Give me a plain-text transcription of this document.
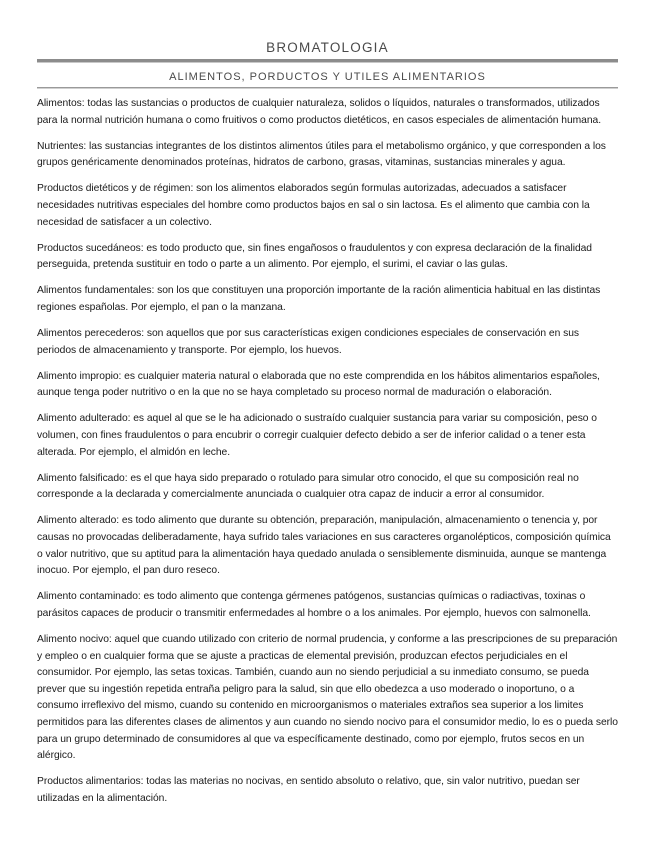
BROMATOLOGIA
ALIMENTOS, PORDUCTOS Y UTILES ALIMENTARIOS

Alimentos: todas las sustancias o productos de cualquier naturaleza, solidos o líquidos, naturales o transformados, utilizados para la normal nutrición humana o como fruitivos o como productos dietéticos, en casos especiales de alimentación humana.

Nutrientes: las sustancias integrantes de los distintos alimentos útiles para el metabolismo orgánico, y que corresponden a los grupos genéricamente denominados proteínas, hidratos de carbono, grasas, vitaminas, sustancias minerales y agua.

Productos dietéticos y de régimen: son los alimentos elaborados según formulas autorizadas, adecuados a satisfacer necesidades nutritivas especiales del hombre como productos bajos en sal o sin lactosa. Es el alimento que cambia con la necesidad de satisfacer a un colectivo.

Productos sucedáneos: es todo producto que, sin fines engañosos o fraudulentos y con expresa declaración de la finalidad perseguida, pretenda sustituir en todo o parte a un alimento. Por ejemplo, el surimi, el caviar o las gulas.

Alimentos fundamentales: son los que constituyen una proporción importante de la ración alimenticia habitual en las distintas regiones españolas. Por ejemplo, el pan o la manzana.

Alimentos perecederos: son aquellos que por sus características exigen condiciones especiales de conservación en sus periodos de almacenamiento y transporte. Por ejemplo, los huevos.

Alimento impropio: es cualquier materia natural o elaborada que no este comprendida en los hábitos alimentarios españoles, aunque tenga poder nutritivo o en la que no se haya completado su proceso normal de maduración o elaboración.

Alimento adulterado: es aquel al que se le ha adicionado o sustraído cualquier sustancia para variar su composición, peso o volumen, con fines fraudulentos o para encubrir o corregir cualquier defecto debido a ser de inferior calidad o a tener esta alterada. Por ejemplo, el almidón en leche.

Alimento falsificado: es el que haya sido preparado o rotulado para simular otro conocido, el que su composición real no corresponde a la declarada y comercialmente anunciada o cualquier otra capaz de inducir a error al consumidor.

Alimento alterado: es todo alimento que durante su obtención, preparación, manipulación, almacenamiento o tenencia y, por causas no provocadas deliberadamente, haya sufrido tales variaciones en sus caracteres organolépticos, composición química o valor nutritivo, que su aptitud para la alimentación haya quedado anulada o sensiblemente disminuida, aunque se mantenga inocuo. Por ejemplo, el pan duro reseco.

Alimento contaminado: es todo alimento que contenga gérmenes patógenos, sustancias químicas o radiactivas, toxinas o parásitos capaces de producir o transmitir enfermedades al hombre o a los animales. Por ejemplo, huevos con salmonella.

Alimento nocivo: aquel que cuando utilizado con criterio de normal prudencia, y conforme a las prescripciones de su preparación y empleo o en cualquier forma que se ajuste a practicas de elemental previsión, produzcan efectos perjudiciales en el consumidor. Por ejemplo, las setas toxicas. También, cuando aun no siendo perjudicial a su inmediato consumo, se pueda prever que su ingestión repetida entraña peligro para la salud, sin que ello obedezca a uso moderado o inoportuno, o a consumo irreflexivo del mismo, cuando su contenido en microorganismos o materiales extraños sea superior a los limites permitidos para las diferentes clases de alimentos y aun cuando no siendo nocivo para el consumidor medio, lo es o pueda serlo para un grupo determinado de consumidores al que va específicamente destinado, como por ejemplo, frutos secos en un alérgico.

Productos alimentarios: todas las materias no nocivas, en sentido absoluto o relativo, que, sin valor nutritivo, puedan ser utilizadas en la alimentación.
